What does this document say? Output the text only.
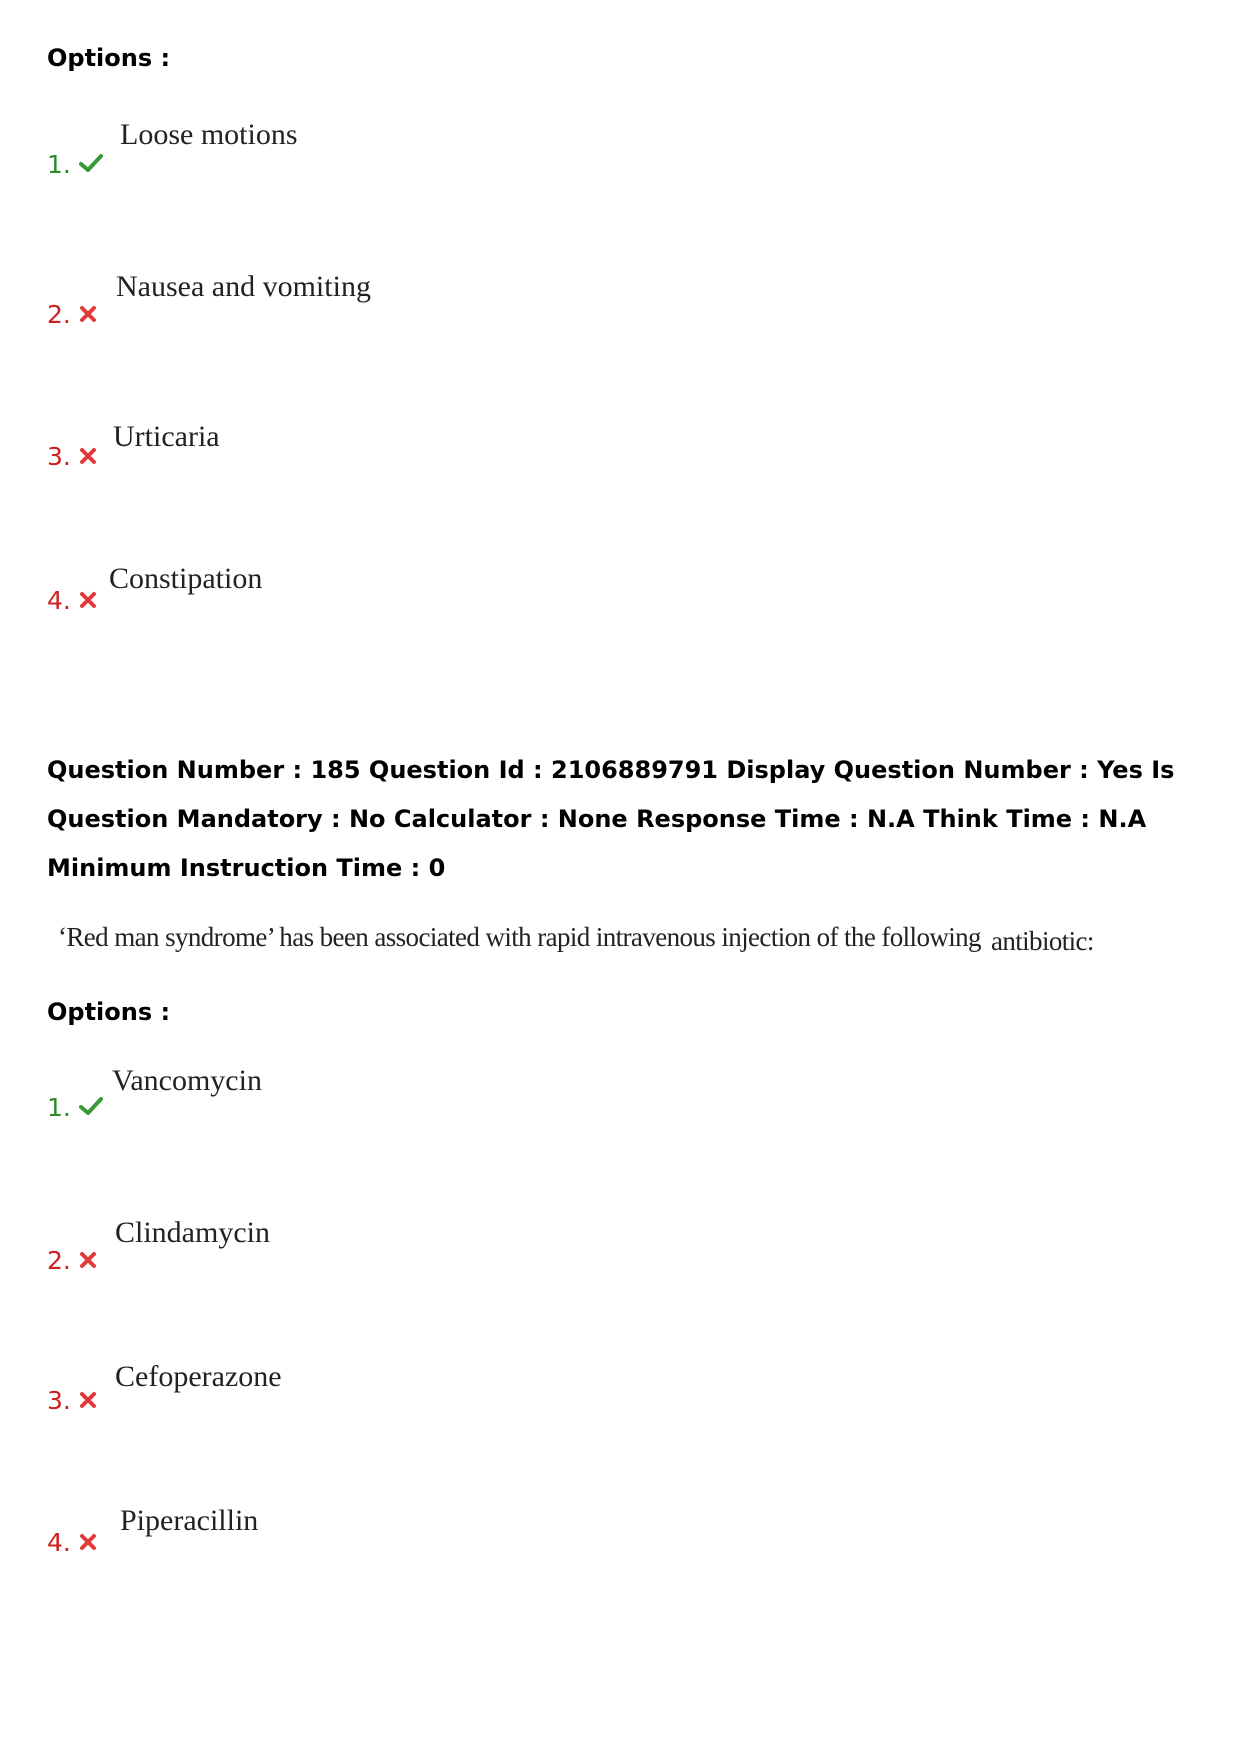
Options :
1.
Loose motions
2.
Nausea and vomiting
3.
Urticaria
4.
Constipation
Question Number : 185 Question Id : 2106889791 Display Question Number : Yes Is Question Mandatory : No Calculator : None Response Time : N.A Think Time : N.A Minimum Instruction Time : 0
‘Red man syndrome’ has been associated with rapid intravenous injection of the following antibiotic:
Options :
1.
Vancomycin
2.
Clindamycin
3.
Cefoperazone
4.
Piperacillin
